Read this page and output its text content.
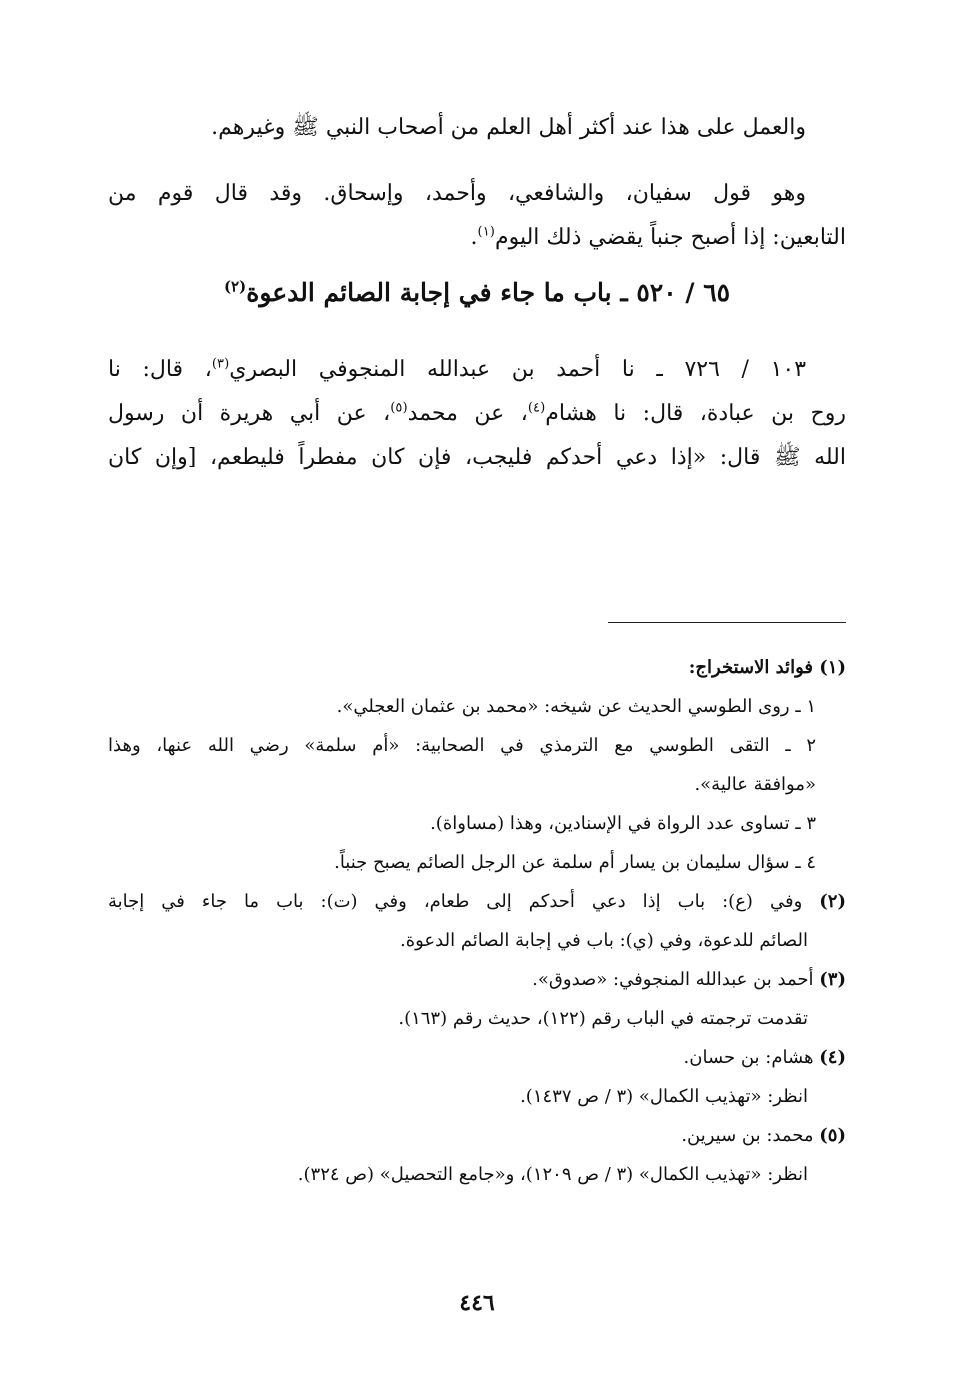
والعمل على هذا عند أكثر أهل العلم من أصحاب النبي ﷺ وغيرهم.
وهو قول سفيان، والشافعي، وأحمد، وإسحاق. وقد قال قوم من
التابعين: إذا أصبح جنباً يقضي ذلك اليوم$^{(١)}$.
٦٥ / ٥٢٠ ـ باب ما جاء في إجابة الصائم الدعوة$^{(٢)}$
١٠٣ / ٧٢٦ ـ نا أحمد بن عبدالله المنجوفي البصري$^{(٣)}$، قال: نا
روح بن عبادة، قال: نا هشام$^{(٤)}$، عن محمد$^{(٥)}$، عن أبي هريرة أن رسول
الله ﷺ قال: «إذا دعي أحدكم فليجب، فإن كان مفطراً فليطعم، [وإن كان
(١) فوائد الاستخراج:
١ ـ روى الطوسي الحديث عن شيخه: «محمد بن عثمان العجلي».
٢ ـ التقى الطوسي مع الترمذي في الصحابية: «أم سلمة» رضي الله عنها، وهذا
«موافقة عالية».
٣ ـ تساوى عدد الرواة في الإسنادين، وهذا (مساواة).
٤ ـ سؤال سليمان بن يسار أم سلمة عن الرجل الصائم يصبح جنباً.
(٢) وفي (ع): باب إذا دعي أحدكم إلى طعام، وفي (ت): باب ما جاء في إجابة
الصائم للدعوة، وفي (ي): باب في إجابة الصائم الدعوة.
(٣) أحمد بن عبدالله المنجوفي: «صدوق».
تقدمت ترجمته في الباب رقم (١٢٢)، حديث رقم (١٦٣).
(٤) هشام: بن حسان.
انظر: «تهذيب الكمال» (٣ / ص ١٤٣٧).
(٥) محمد: بن سيرين.
انظر: «تهذيب الكمال» (٣ / ص ١٢٠٩)، و«جامع التحصيل» (ص ٣٢٤).
٤٤٦
